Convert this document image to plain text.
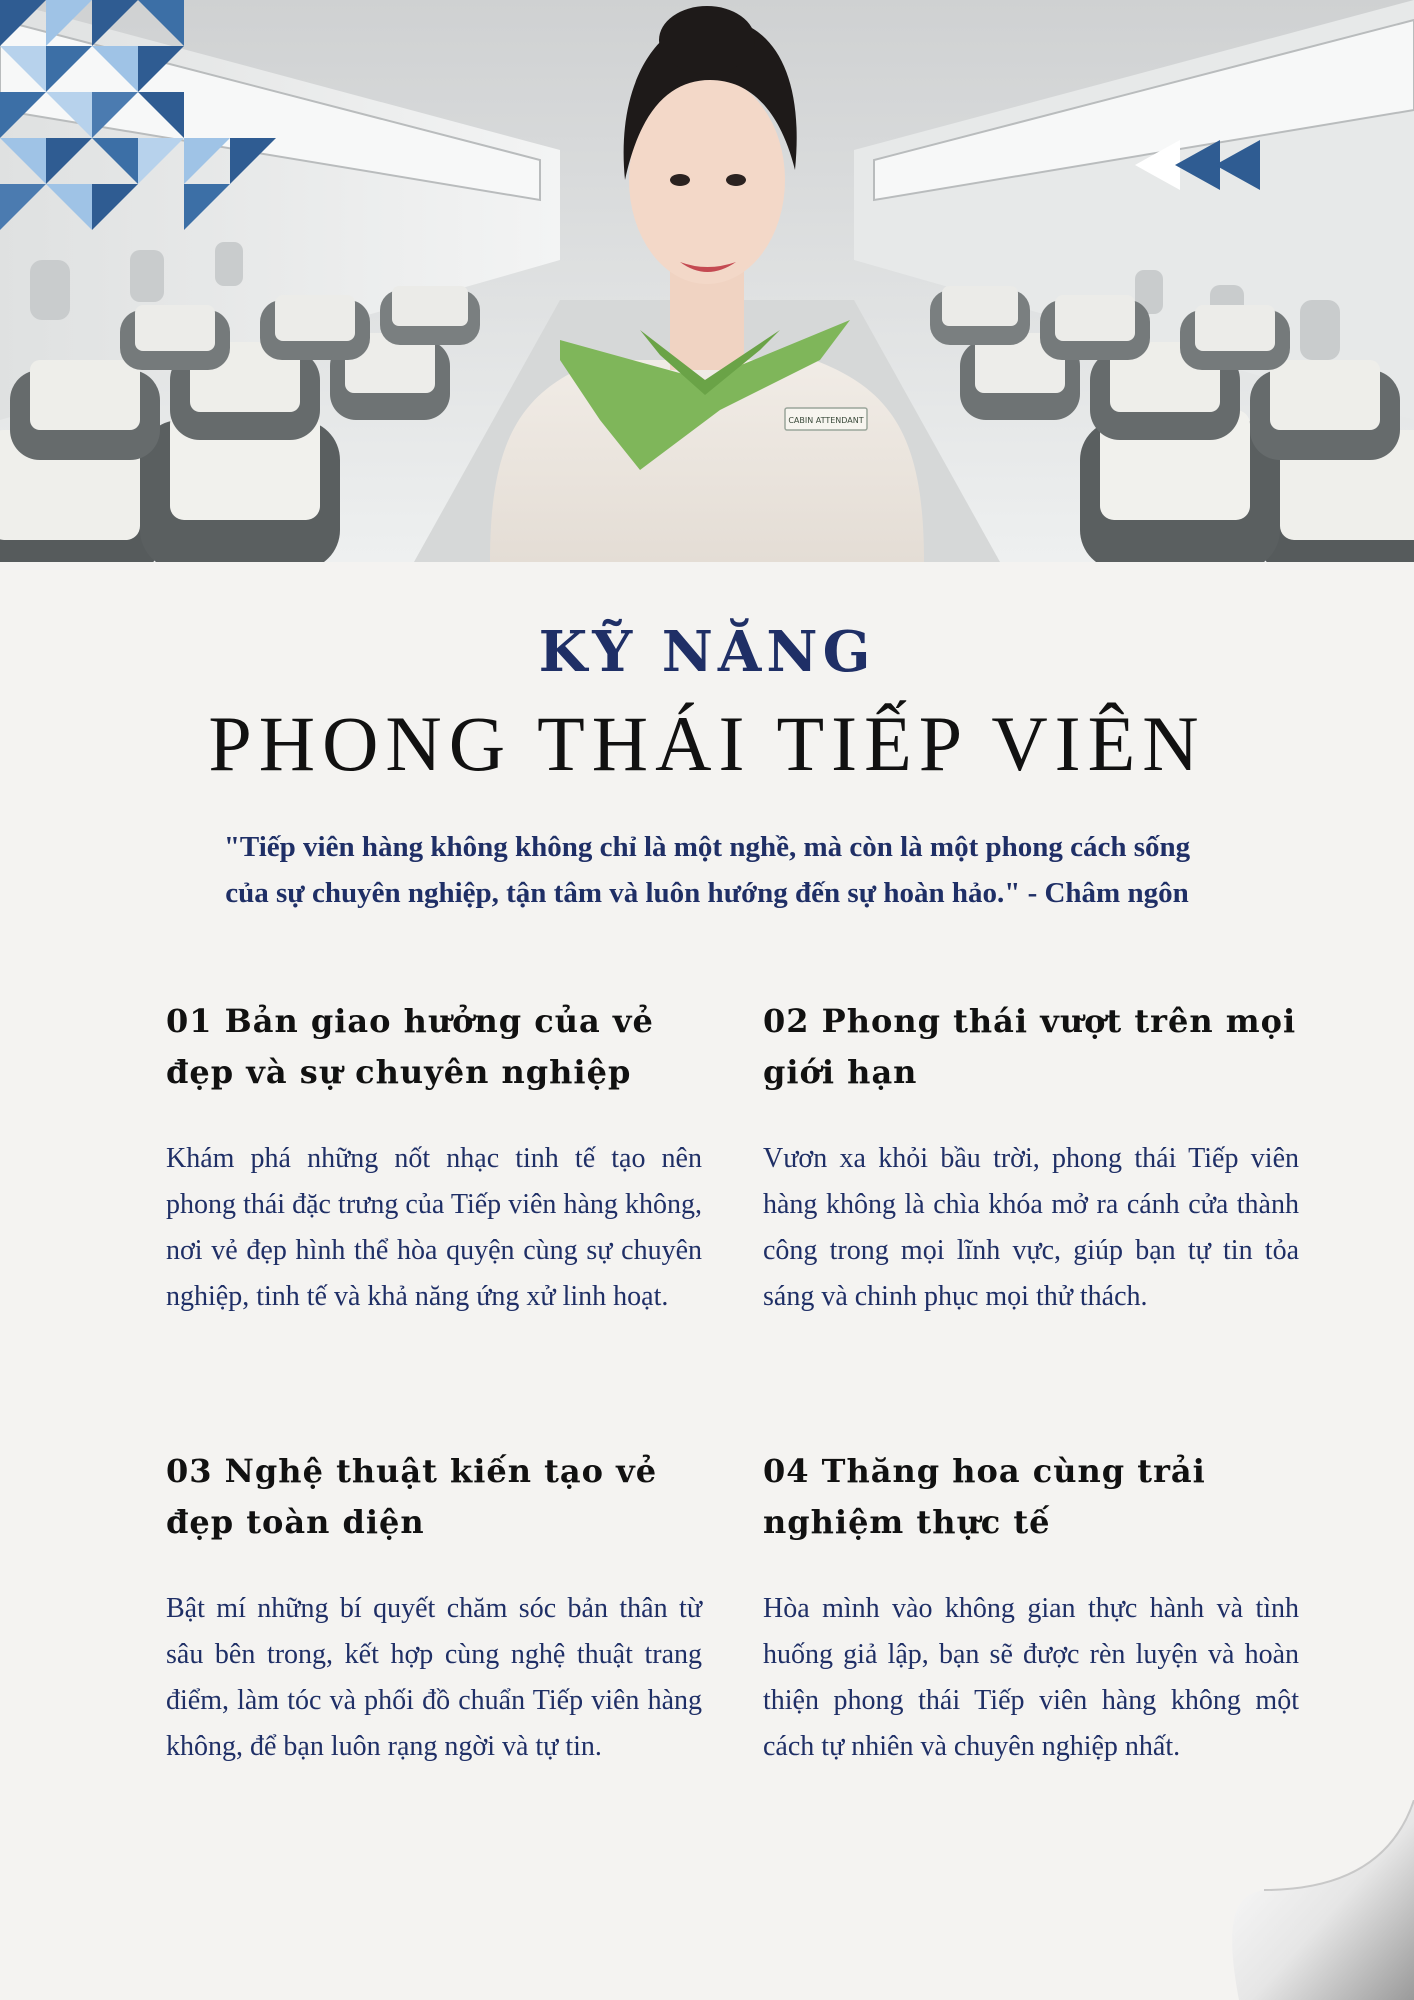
CABIN ATTENDANT
KỸ NĂNG
PHONG THÁI TIẾP VIÊN
"Tiếp viên hàng không không chỉ là một nghề, mà còn là một phong cách sống
của sự chuyên nghiệp, tận tâm và luôn hướng đến sự hoàn hảo." - Châm ngôn
01 Bản giao hưởng của vẻ đẹp và sự chuyên nghiệp

Khám phá những nốt nhạc tinh tế tạo nên phong thái đặc trưng của Tiếp viên hàng không, nơi vẻ đẹp hình thể hòa quyện cùng sự chuyên nghiệp, tinh tế và khả năng ứng xử linh hoạt.

02 Phong thái vượt trên mọi giới hạn

Vươn xa khỏi bầu trời, phong thái Tiếp viên hàng không là chìa khóa mở ra cánh cửa thành công trong mọi lĩnh vực, giúp bạn tự tin tỏa sáng và chinh phục mọi thử thách.

03 Nghệ thuật kiến tạo vẻ đẹp toàn diện

Bật mí những bí quyết chăm sóc bản thân từ sâu bên trong, kết hợp cùng nghệ thuật trang điểm, làm tóc và phối đồ chuẩn Tiếp viên hàng không, để bạn luôn rạng ngời và tự tin.

04 Thăng hoa cùng trải nghiệm thực tế

Hòa mình vào không gian thực hành và tình huống giả lập, bạn sẽ được rèn luyện và hoàn thiện phong thái Tiếp viên hàng không một cách tự nhiên và chuyên nghiệp nhất.
